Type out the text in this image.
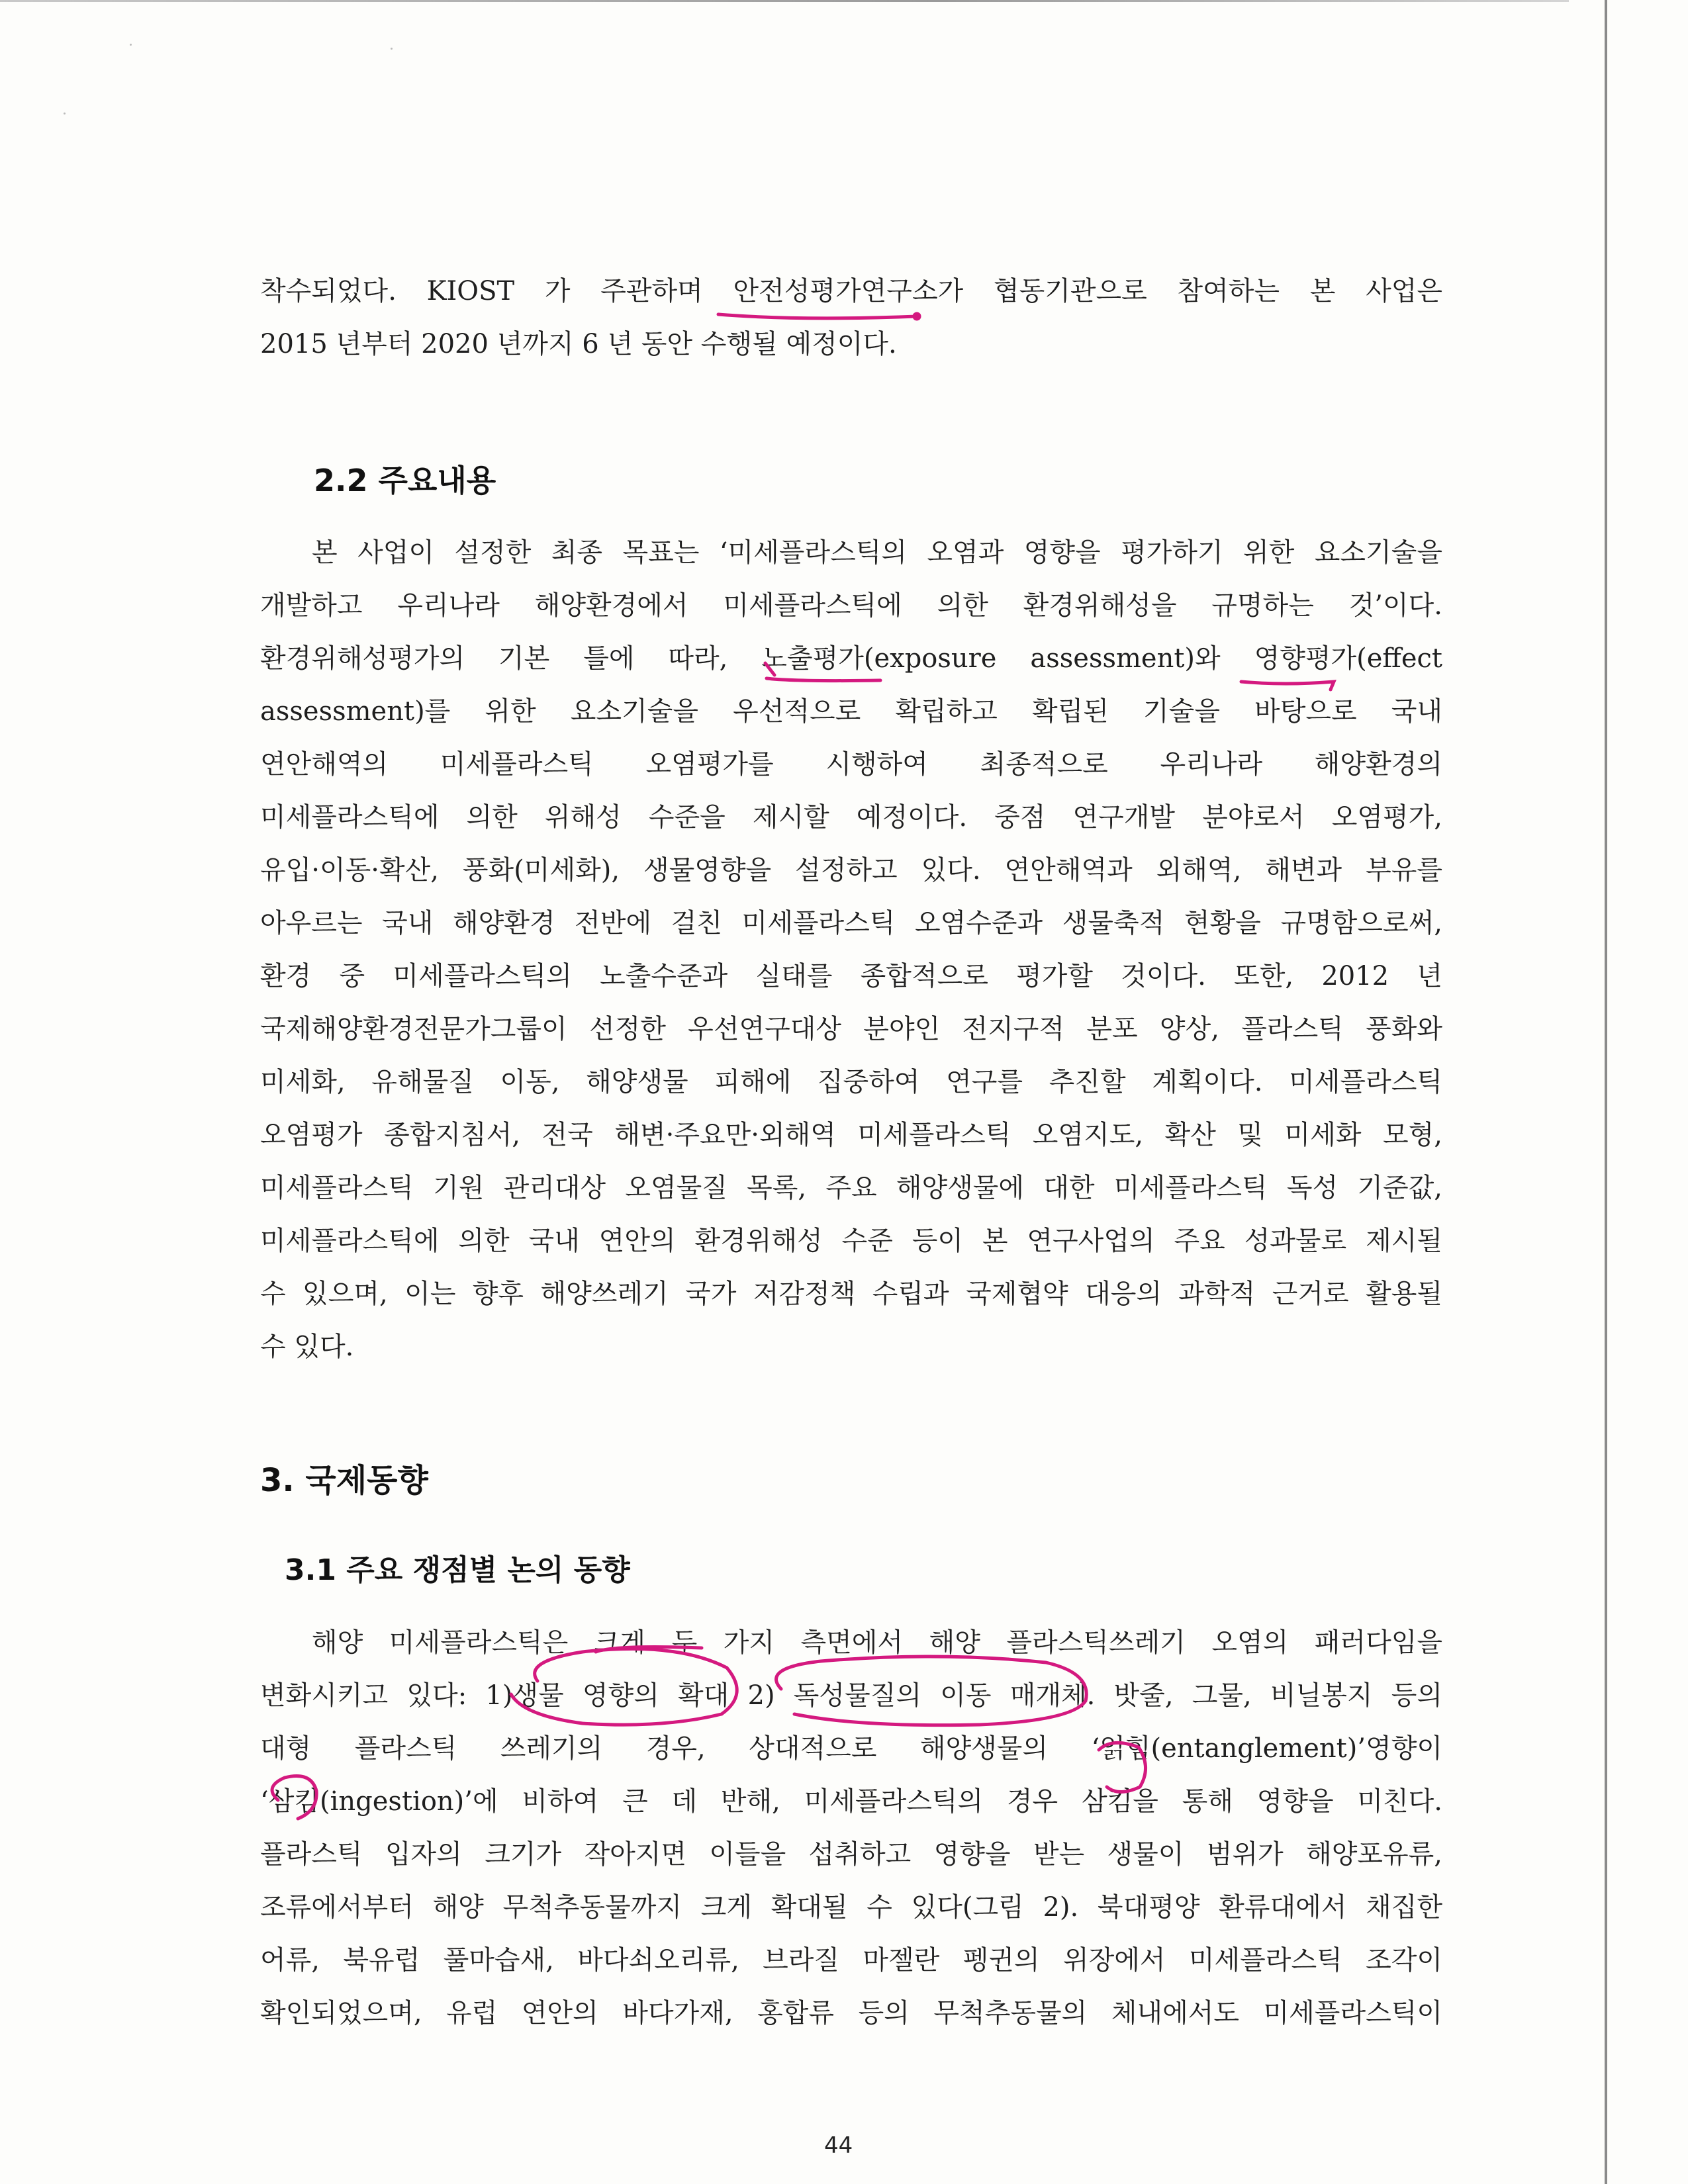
착수되었다. KIOST 가 주관하며 안전성평가연구소가 협동기관으로 참여하는 본 사업은
2015 년부터 2020 년까지 6 년 동안 수행될 예정이다.
2.2 주요내용
본 사업이 설정한 최종 목표는 ‘미세플라스틱의 오염과 영향을 평가하기 위한 요소기술을
개발하고 우리나라 해양환경에서 미세플라스틱에 의한 환경위해성을 규명하는 것’이다.
환경위해성평가의 기본 틀에 따라, 노출평가(exposure assessment)와 영향평가(effect
assessment)를 위한 요소기술을 우선적으로 확립하고 확립된 기술을 바탕으로 국내
연안해역의 미세플라스틱 오염평가를 시행하여 최종적으로 우리나라 해양환경의
미세플라스틱에 의한 위해성 수준을 제시할 예정이다. 중점 연구개발 분야로서 오염평가,
유입·이동·확산, 풍화(미세화), 생물영향을 설정하고 있다. 연안해역과 외해역, 해변과 부유를
아우르는 국내 해양환경 전반에 걸친 미세플라스틱 오염수준과 생물축적 현황을 규명함으로써,
환경 중 미세플라스틱의 노출수준과 실태를 종합적으로 평가할 것이다. 또한, 2012 년
국제해양환경전문가그룹이 선정한 우선연구대상 분야인 전지구적 분포 양상, 플라스틱 풍화와
미세화, 유해물질 이동, 해양생물 피해에 집중하여 연구를 추진할 계획이다. 미세플라스틱
오염평가 종합지침서, 전국 해변·주요만·외해역 미세플라스틱 오염지도, 확산 및 미세화 모형,
미세플라스틱 기원 관리대상 오염물질 목록, 주요 해양생물에 대한 미세플라스틱 독성 기준값,
미세플라스틱에 의한 국내 연안의 환경위해성 수준 등이 본 연구사업의 주요 성과물로 제시될
수 있으며, 이는 향후 해양쓰레기 국가 저감정책 수립과 국제협약 대응의 과학적 근거로 활용될
수 있다.
3. 국제동향
3.1 주요 쟁점별 논의 동향
해양 미세플라스틱은 크게 두 가지 측면에서 해양 플라스틱쓰레기 오염의 패러다임을
변화시키고 있다: 1)생물 영향의 확대 2) 독성물질의 이동 매개체. 밧줄, 그물, 비닐봉지 등의
대형 플라스틱 쓰레기의 경우, 상대적으로 해양생물의 ‘얽힘(entanglement)’영향이
‘삼킴(ingestion)’에 비하여 큰 데 반해, 미세플라스틱의 경우 삼킴을 통해 영향을 미친다.
플라스틱 입자의 크기가 작아지면 이들을 섭취하고 영향을 받는 생물이 범위가 해양포유류,
조류에서부터 해양 무척추동물까지 크게 확대될 수 있다(그림 2). 북대평양 환류대에서 채집한
어류, 북유럽 풀마습새, 바다쇠오리류, 브라질 마젤란 펭귄의 위장에서 미세플라스틱 조각이
확인되었으며, 유럽 연안의 바다가재, 홍합류 등의 무척추동물의 체내에서도 미세플라스틱이
44
